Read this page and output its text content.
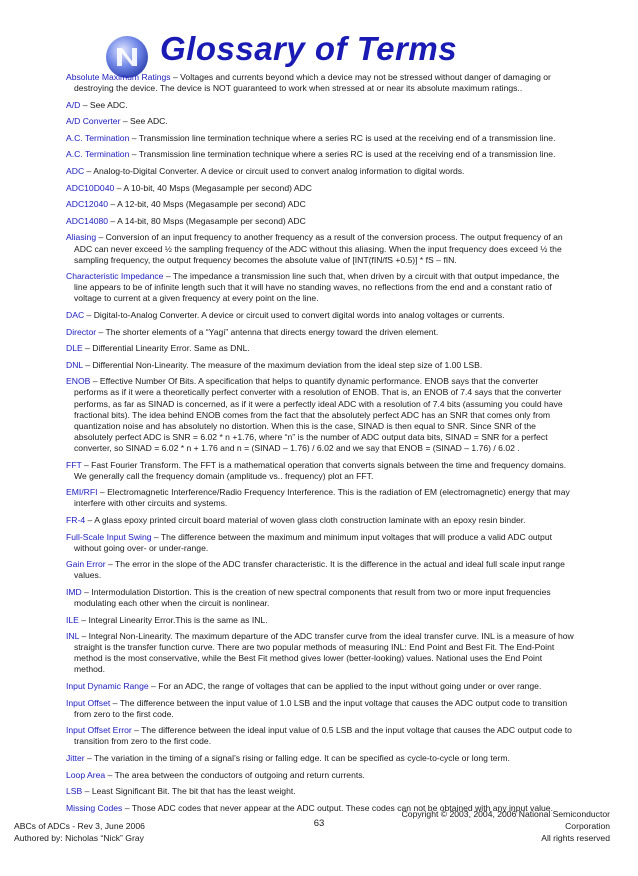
Glossary of Terms
Absolute Maximum Ratings – Voltages and currents beyond which a device may not be stressed without danger of damaging or destroying the device. The device is NOT guaranteed to work when stressed at or near its absolute maximum ratings..
A/D – See ADC.
A/D Converter – See ADC.
A.C. Termination – Transmission line termination technique where a series RC is used at the receiving end of a transmission line.
A.C. Termination – Transmission line termination technique where a series RC is used at the receiving end of a transmission line.
ADC – Analog-to-Digital Converter. A device or circuit used to convert analog information to digital words.
ADC10D040 – A 10-bit, 40 Msps (Megasample per second) ADC
ADC12040 – A 12-bit, 40 Msps (Megasample per second) ADC
ADC14080 – A 14-bit, 80 Msps (Megasample per second) ADC
Aliasing – Conversion of an input frequency to another frequency as a result of the conversion process. The output frequency of an ADC can never exceed ½ the sampling frequency of the ADC without this aliasing. When the input frequency does exceed ½ the sampling frequency, the output frequency becomes the absolute value of [INT(fIN/fS +0.5)] * fS – fIN.
Characteristic Impedance – The impedance a transmission line such that, when driven by a circuit with that output impedance, the line appears to be of infinite length such that it will have no standing waves, no reflections from the end and a constant ratio of voltage to current at a given frequency at every point on the line.
DAC – Digital-to-Analog Converter. A device or circuit used to convert digital words into analog voltages or currents.
Director – The shorter elements of a “Yagi” antenna that directs energy toward the driven element.
DLE – Differential Linearity Error. Same as DNL.
DNL – Differential Non-Linearity. The measure of the maximum deviation from the ideal step size of 1.00 LSB.
ENOB – Effective Number Of Bits. A specification that helps to quantify dynamic performance. ENOB says that the converter performs as if it were a theoretically perfect converter with a resolution of ENOB. That is, an ENOB of 7.4 says that the converter performs, as far as SINAD is concerned, as if it were a perfectly ideal ADC with a resolution of 7.4 bits (assuming you could have fractional bits). The idea behind ENOB comes from the fact that the absolutely perfect ADC has an SNR that comes only from quantization noise and has absolutely no distortion. When this is the case, SINAD is then equal to SNR. Since SNR of the absolutely perfect ADC is SNR = 6.02 * n +1.76, where “n” is the number of ADC output data bits, SINAD = SNR for a perfect converter, so SINAD = 6.02 * n + 1.76 and n = (SINAD – 1.76) / 6.02 and we say that ENOB = (SINAD – 1.76) / 6.02 .
FFT – Fast Fourier Transform. The FFT is a mathematical operation that converts signals between the time and frequency domains. We generally call the frequency domain (amplitude vs.. frequency) plot an FFT.
EMI/RFI – Electromagnetic Interference/Radio Frequency Interference. This is the radiation of EM (electromagnetic) energy that may interfere with other circuits and systems.
FR-4 – A glass epoxy printed circuit board material of woven glass cloth construction laminate with an epoxy resin binder.
Full-Scale Input Swing – The difference between the maximum and minimum input voltages that will produce a valid ADC output without going over- or under-range.
Gain Error – The error in the slope of the ADC transfer characteristic. It is the difference in the actual and ideal full scale input range values.
IMD – Intermodulation Distortion. This is the creation of new spectral components that result from two or more input frequencies modulating each other when the circuit is nonlinear.
ILE – Integral Linearity Error.This is the same as INL.
INL – Integral Non-Linearity. The maximum departure of the ADC transfer curve from the ideal transfer curve. INL is a measure of how straight is the transfer function curve. There are two popular methods of measuring INL: End Point and Best Fit. The End-Point method is the most conservative, while the Best Fit method gives lower (better-looking) values. National uses the End Point method.
Input Dynamic Range – For an ADC, the range of voltages that can be applied to the input without going under or over range.
Input Offset – The difference between the input value of 1.0 LSB and the input voltage that causes the ADC output code to transition from zero to the first code.
Input Offset Error – The difference between the ideal input value of 0.5 LSB and the input voltage that causes the ADC output code to transition from zero to the first code.
Jitter – The variation in the timing of a signal’s rising or falling edge. It can be specified as cycle-to-cycle or long term.
Loop Area – The area between the conductors of outgoing and return currents.
LSB – Least Significant Bit. The bit that has the least weight.
Missing Codes – Those ADC codes that never appear at the ADC output. These codes can not be obtained with any input value.
ABCs of ADCs - Rev 3, June 2006
Authored by: Nicholas “Nick” Gray
63
Copyright © 2003, 2004, 2006 National Semiconductor
Corporation
All rights reserved
